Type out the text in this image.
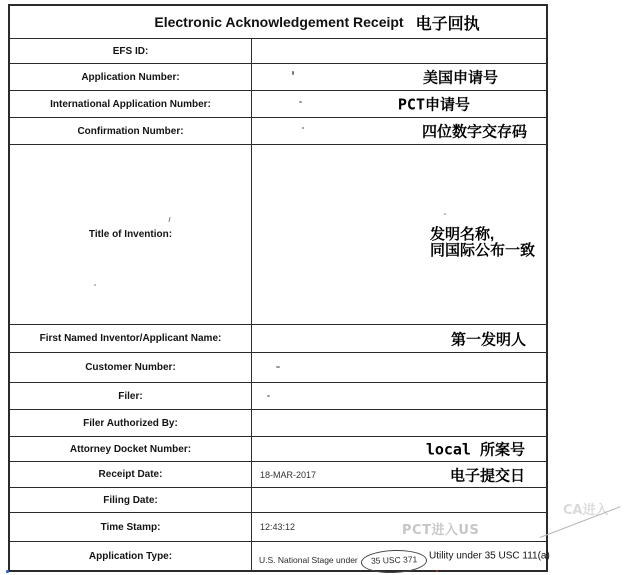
Electronic Acknowledgement Receipt 电子回执
EFS ID:
Application Number:	美国申请号
International Application Number:	PCT申请号
Confirmation Number:	四位数字交存码
Title of Invention:	发明名称,
同国际公布一致
First Named Inventor/Applicant Name:	第一发明人
Customer Number:
Filer:
Filer Authorized By:
Attorney Docket Number:	local 所案号
Receipt Date:	18-MAR-2017	电子提交日
Filing Date:
Time Stamp:	12:43:12
Application Type:	U.S. National Stage under 35 USC 371	Utility under 35 USC 111(a)
PCT进入US
CA进入
